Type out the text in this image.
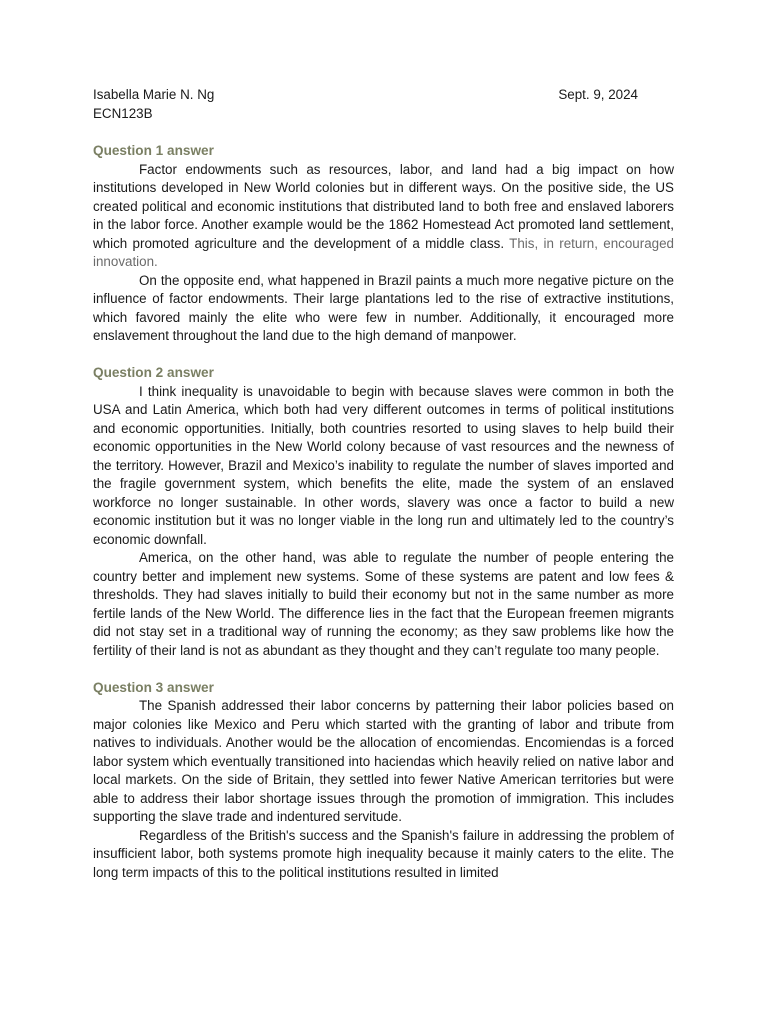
Isabella Marie N. Ng	Sept. 9, 2024
ECN123B

Question 1 answer

Factor endowments such as resources, labor, and land had a big impact on how institutions developed in New World colonies but in different ways. On the positive side, the US created political and economic institutions that distributed land to both free and enslaved laborers in the labor force. Another example would be the 1862 Homestead Act promoted land settlement, which promoted agriculture and the development of a middle class. This, in return, encouraged innovation.

On the opposite end, what happened in Brazil paints a much more negative picture on the influence of factor endowments. Their large plantations led to the rise of extractive institutions, which favored mainly the elite who were few in number. Additionally, it encouraged more enslavement throughout the land due to the high demand of manpower.

Question 2 answer

I think inequality is unavoidable to begin with because slaves were common in both the USA and Latin America, which both had very different outcomes in terms of political institutions and economic opportunities. Initially, both countries resorted to using slaves to help build their economic opportunities in the New World colony because of vast resources and the newness of the territory. However, Brazil and Mexico’s inability to regulate the number of slaves imported and the fragile government system, which benefits the elite, made the system of an enslaved workforce no longer sustainable. In other words, slavery was once a factor to build a new economic institution but it was no longer viable in the long run and ultimately led to the country’s economic downfall.

America, on the other hand, was able to regulate the number of people entering the country better and implement new systems. Some of these systems are patent and low fees & thresholds. They had slaves initially to build their economy but not in the same number as more fertile lands of the New World. The difference lies in the fact that the European freemen migrants did not stay set in a traditional way of running the economy; as they saw problems like how the fertility of their land is not as abundant as they thought and they can’t regulate too many people.

Question 3 answer

The Spanish addressed their labor concerns by patterning their labor policies based on major colonies like Mexico and Peru which started with the granting of labor and tribute from natives to individuals. Another would be the allocation of encomiendas. Encomiendas is a forced labor system which eventually transitioned into haciendas which heavily relied on native labor and local markets. On the side of Britain, they settled into fewer Native American territories but were able to address their labor shortage issues through the promotion of immigration. This includes supporting the slave trade and indentured servitude.

Regardless of the British's success and the Spanish's failure in addressing the problem of insufficient labor, both systems promote high inequality because it mainly caters to the elite. The long term impacts of this to the political institutions resulted in limited
